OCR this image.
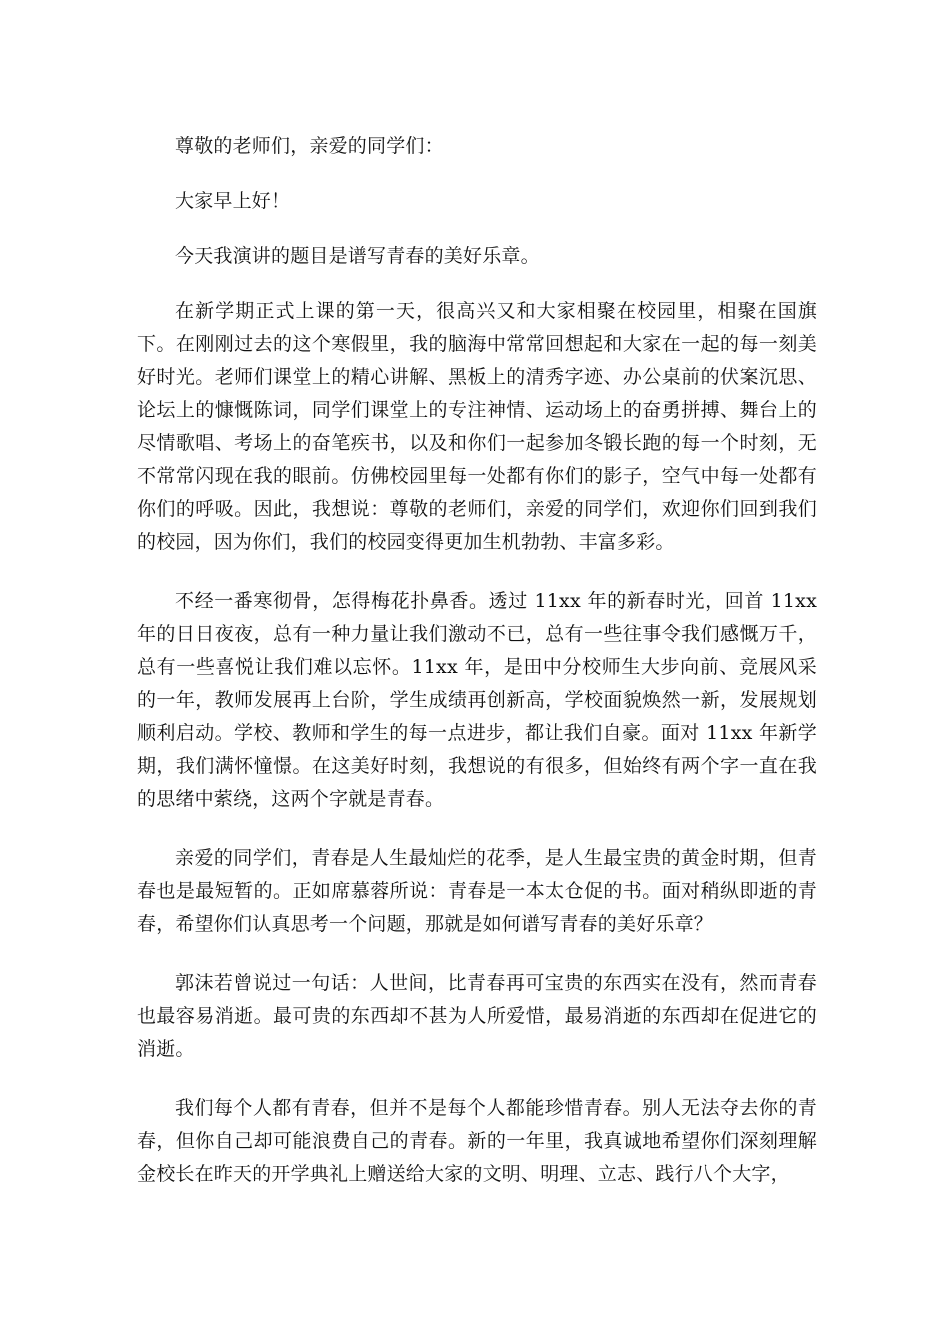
尊敬的老师们，亲爱的同学们：

大家早上好！

今天我演讲的题目是谱写青春的美好乐章。

在新学期正式上课的第一天，很高兴又和大家相聚在校园里，相聚在国旗下。在刚刚过去的这个寒假里，我的脑海中常常回想起和大家在一起的每一刻美好时光。老师们课堂上的精心讲解、黑板上的清秀字迹、办公桌前的伏案沉思、论坛上的慷慨陈词，同学们课堂上的专注神情、运动场上的奋勇拼搏、舞台上的尽情歌唱、考场上的奋笔疾书，以及和你们一起参加冬锻长跑的每一个时刻，无不常常闪现在我的眼前。仿佛校园里每一处都有你们的影子，空气中每一处都有你们的呼吸。因此，我想说：尊敬的老师们，亲爱的同学们，欢迎你们回到我们的校园，因为你们，我们的校园变得更加生机勃勃、丰富多彩。

不经一番寒彻骨，怎得梅花扑鼻香。透过 11xx 年的新春时光，回首 11xx 年的日日夜夜，总有一种力量让我们激动不已，总有一些往事令我们感慨万千，总有一些喜悦让我们难以忘怀。11xx 年，是田中分校师生大步向前、竞展风采的一年，教师发展再上台阶，学生成绩再创新高，学校面貌焕然一新，发展规划顺利启动。学校、教师和学生的每一点进步，都让我们自豪。面对 11xx 年新学期，我们满怀憧憬。在这美好时刻，我想说的有很多，但始终有两个字一直在我的思绪中萦绕，这两个字就是青春。

亲爱的同学们，青春是人生最灿烂的花季，是人生最宝贵的黄金时期，但青春也是最短暂的。正如席慕蓉所说：青春是一本太仓促的书。面对稍纵即逝的青春，希望你们认真思考一个问题，那就是如何谱写青春的美好乐章？

郭沫若曾说过一句话：人世间，比青春再可宝贵的东西实在没有，然而青春也最容易消逝。最可贵的东西却不甚为人所爱惜，最易消逝的东西却在促进它的消逝。

我们每个人都有青春，但并不是每个人都能珍惜青春。别人无法夺去你的青春，但你自己却可能浪费自己的青春。新的一年里，我真诚地希望你们深刻理解金校长在昨天的开学典礼上赠送给大家的文明、明理、立志、践行八个大字，
